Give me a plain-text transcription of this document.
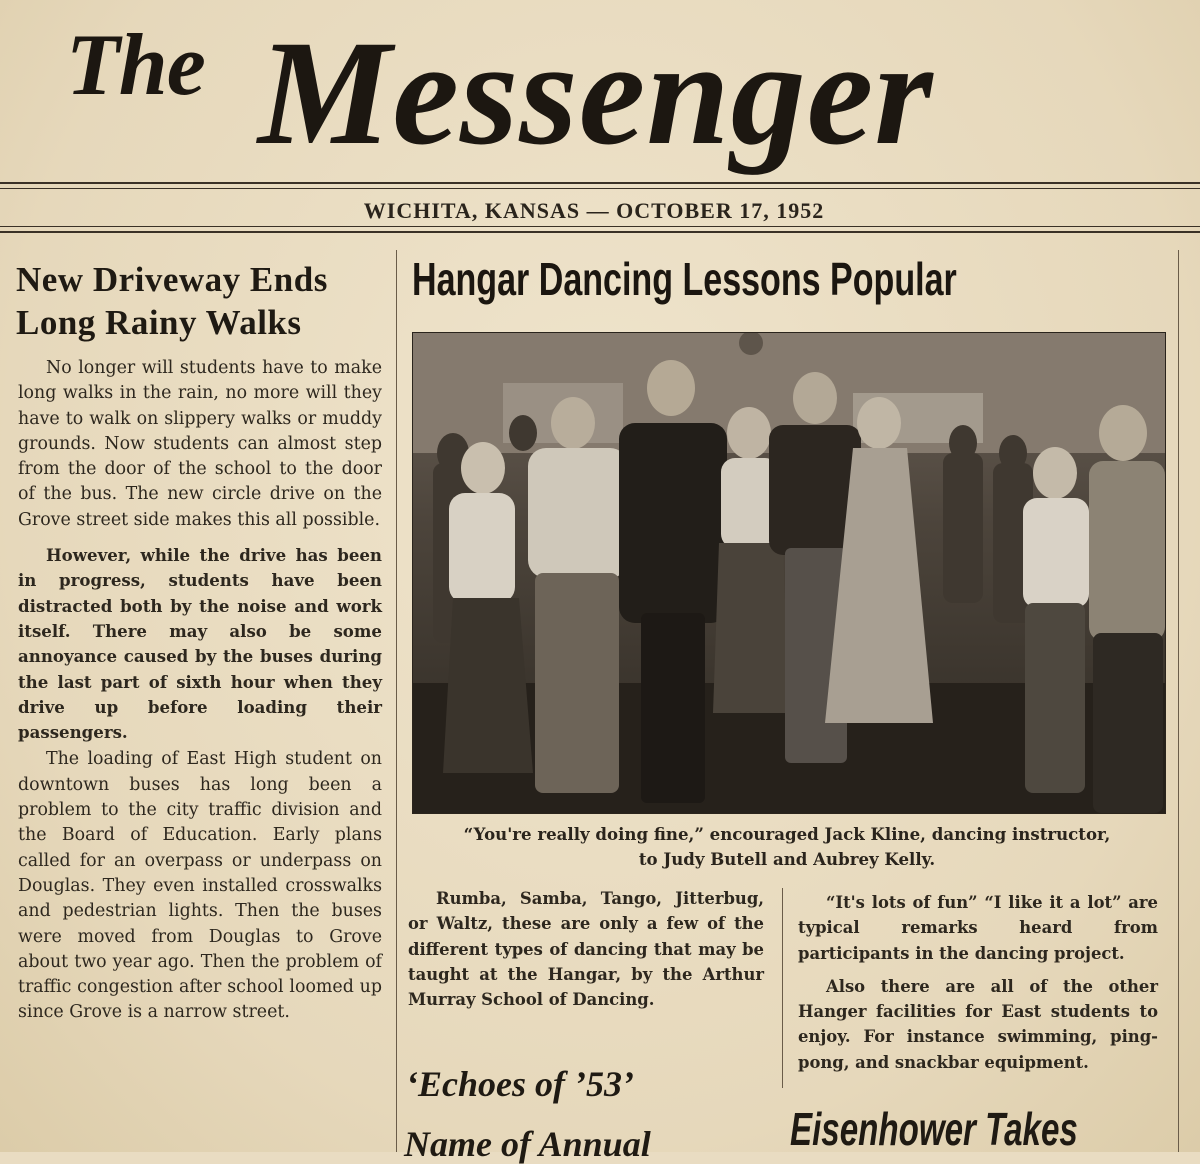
The Messenger
WICHITA, KANSAS — OCTOBER 17, 1952
New Driveway Ends
Long Rainy Walks

No longer will students have to make long walks in the rain, no more will they have to walk on slippery walks or muddy grounds. Now students can almost step from the door of the school to the door of the bus. The new circle drive on the Grove street side makes this all possible.

However, while the drive has been in progress, students have been distracted both by the noise and work itself. There may also be some annoyance caused by the buses during the last part of sixth hour when they drive up before loading their passengers.

The loading of East High student on downtown buses has long been a problem to the city traffic division and the Board of Education. Early plans called for an overpass or underpass on Douglas. They even installed crosswalks and pedestrian lights. Then the buses were moved from Douglas to Grove about two year ago. Then the problem of traffic congestion after school loomed up since Grove is a narrow street.

Hangar Dancing Lessons Popular
“You're really doing fine,” encouraged Jack Kline, dancing instructor,
to Judy Butell and Aubrey Kelly.

Rumba, Samba, Tango, Jitterbug, or Waltz, these are only a few of the different types of dancing that may be taught at the Hangar, by the Arthur Murray School of Dancing.

“It's lots of fun” “I like it a lot” are typical remarks heard from participants in the dancing project.

Also there are all of the other Hanger facilities for East students to enjoy. For instance swimming, ping-pong, and snackbar equipment.

‘Echoes of ’53’
Name of Annual	Eisenhower Takes
